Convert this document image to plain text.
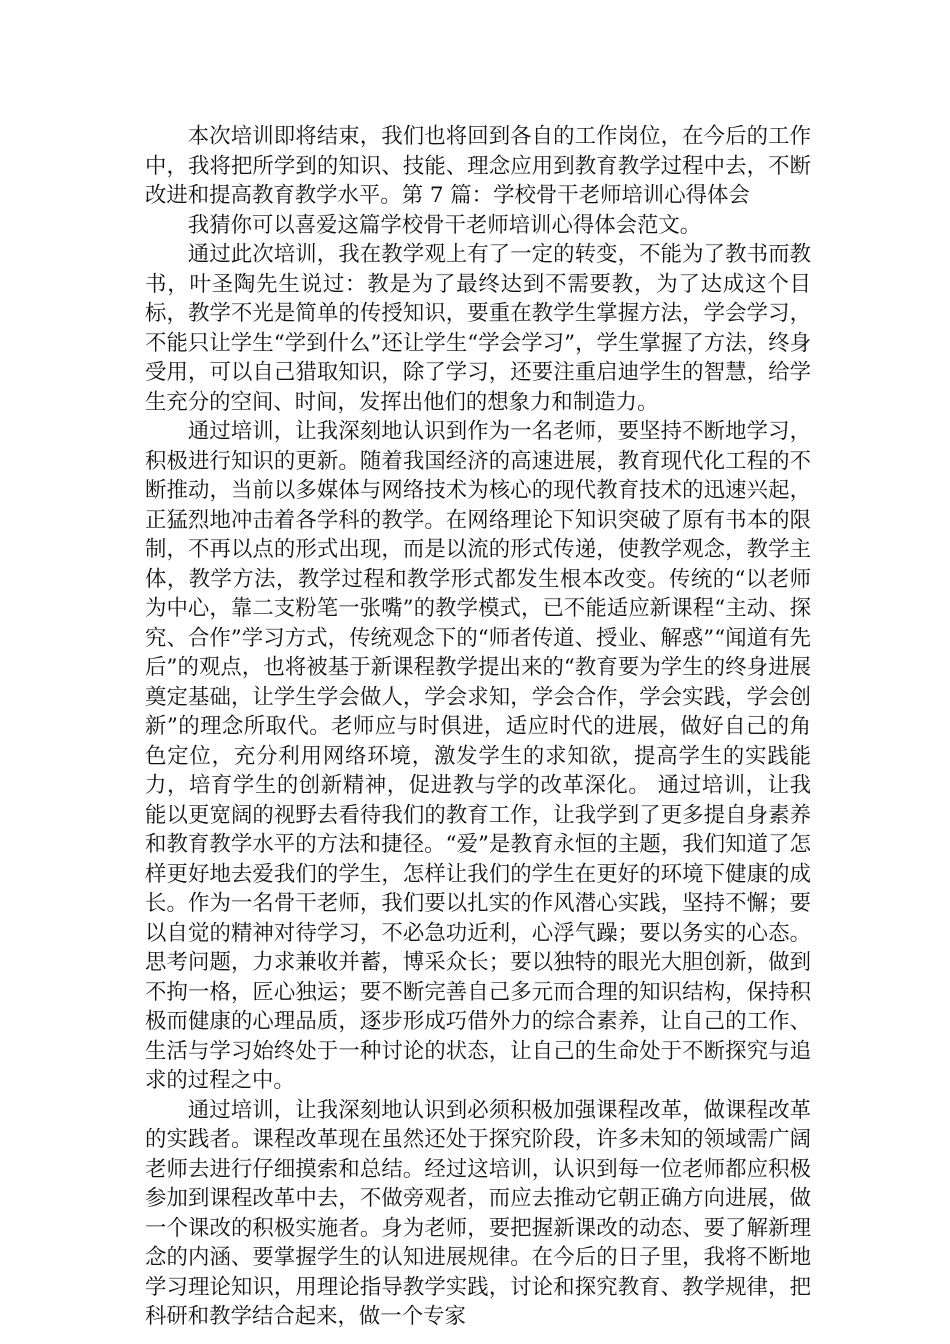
本次培训即将结束，我们也将回到各自的工作岗位，在今后的工作中，我将把所学到的知识、技能、理念应用到教育教学过程中去，不断改进和提高教育教学水平。第 7 篇：学校骨干老师培训心得体会

我猜你可以喜爱这篇学校骨干老师培训心得体会范文。

通过此次培训，我在教学观上有了一定的转变，不能为了教书而教书，叶圣陶先生说过：教是为了最终达到不需要教，为了达成这个目标，教学不光是简单的传授知识，要重在教学生掌握方法，学会学习，不能只让学生“学到什么”还让学生“学会学习”，学生掌握了方法，终身受用，可以自己猎取知识，除了学习，还要注重启迪学生的智慧，给学生充分的空间、时间，发挥出他们的想象力和制造力。

通过培训，让我深刻地认识到作为一名老师，要坚持不断地学习，积极进行知识的更新。随着我国经济的高速进展，教育现代化工程的不断推动，当前以多媒体与网络技术为核心的现代教育技术的迅速兴起，正猛烈地冲击着各学科的教学。在网络理论下知识突破了原有书本的限制，不再以点的形式出现，而是以流的形式传递，使教学观念，教学主体，教学方法，教学过程和教学形式都发生根本改变。传统的“以老师为中心，靠二支粉笔一张嘴”的教学模式，已不能适应新课程“主动、探究、合作”学习方式，传统观念下的“师者传道、授业、解惑”“闻道有先后”的观点，也将被基于新课程教学提出来的“教育要为学生的终身进展奠定基础，让学生学会做人，学会求知，学会合作，学会实践，学会创新”的理念所取代。老师应与时俱进，适应时代的进展，做好自己的角色定位，充分利用网络环境，激发学生的求知欲，提高学生的实践能力，培育学生的创新精神，促进教与学的改革深化。 通过培训，让我能以更宽阔的视野去看待我们的教育工作，让我学到了更多提自身素养和教育教学水平的方法和捷径。“爱”是教育永恒的主题，我们知道了怎样更好地去爱我们的学生，怎样让我们的学生在更好的环境下健康的成长。作为一名骨干老师，我们要以扎实的作风潜心实践，坚持不懈；要以自觉的精神对待学习，不必急功近利，心浮气躁；要以务实的心态。思考问题，力求兼收并蓄，博采众长；要以独特的眼光大胆创新，做到不拘一格，匠心独运；要不断完善自己多元而合理的知识结构，保持积极而健康的心理品质，逐步形成巧借外力的综合素养，让自己的工作、生活与学习始终处于一种讨论的状态，让自己的生命处于不断探究与追求的过程之中。

通过培训，让我深刻地认识到必须积极加强课程改革，做课程改革的实践者。课程改革现在虽然还处于探究阶段，许多未知的领域需广阔老师去进行仔细摸索和总结。经过这培训，认识到每一位老师都应积极参加到课程改革中去，不做旁观者，而应去推动它朝正确方向进展，做一个课改的积极实施者。身为老师，要把握新课改的动态、要了解新理念的内涵、要掌握学生的认知进展规律。在今后的日子里，我将不断地学习理论知识，用理论指导教学实践，讨论和探究教育、教学规律，把科研和教学结合起来，做一个专家
